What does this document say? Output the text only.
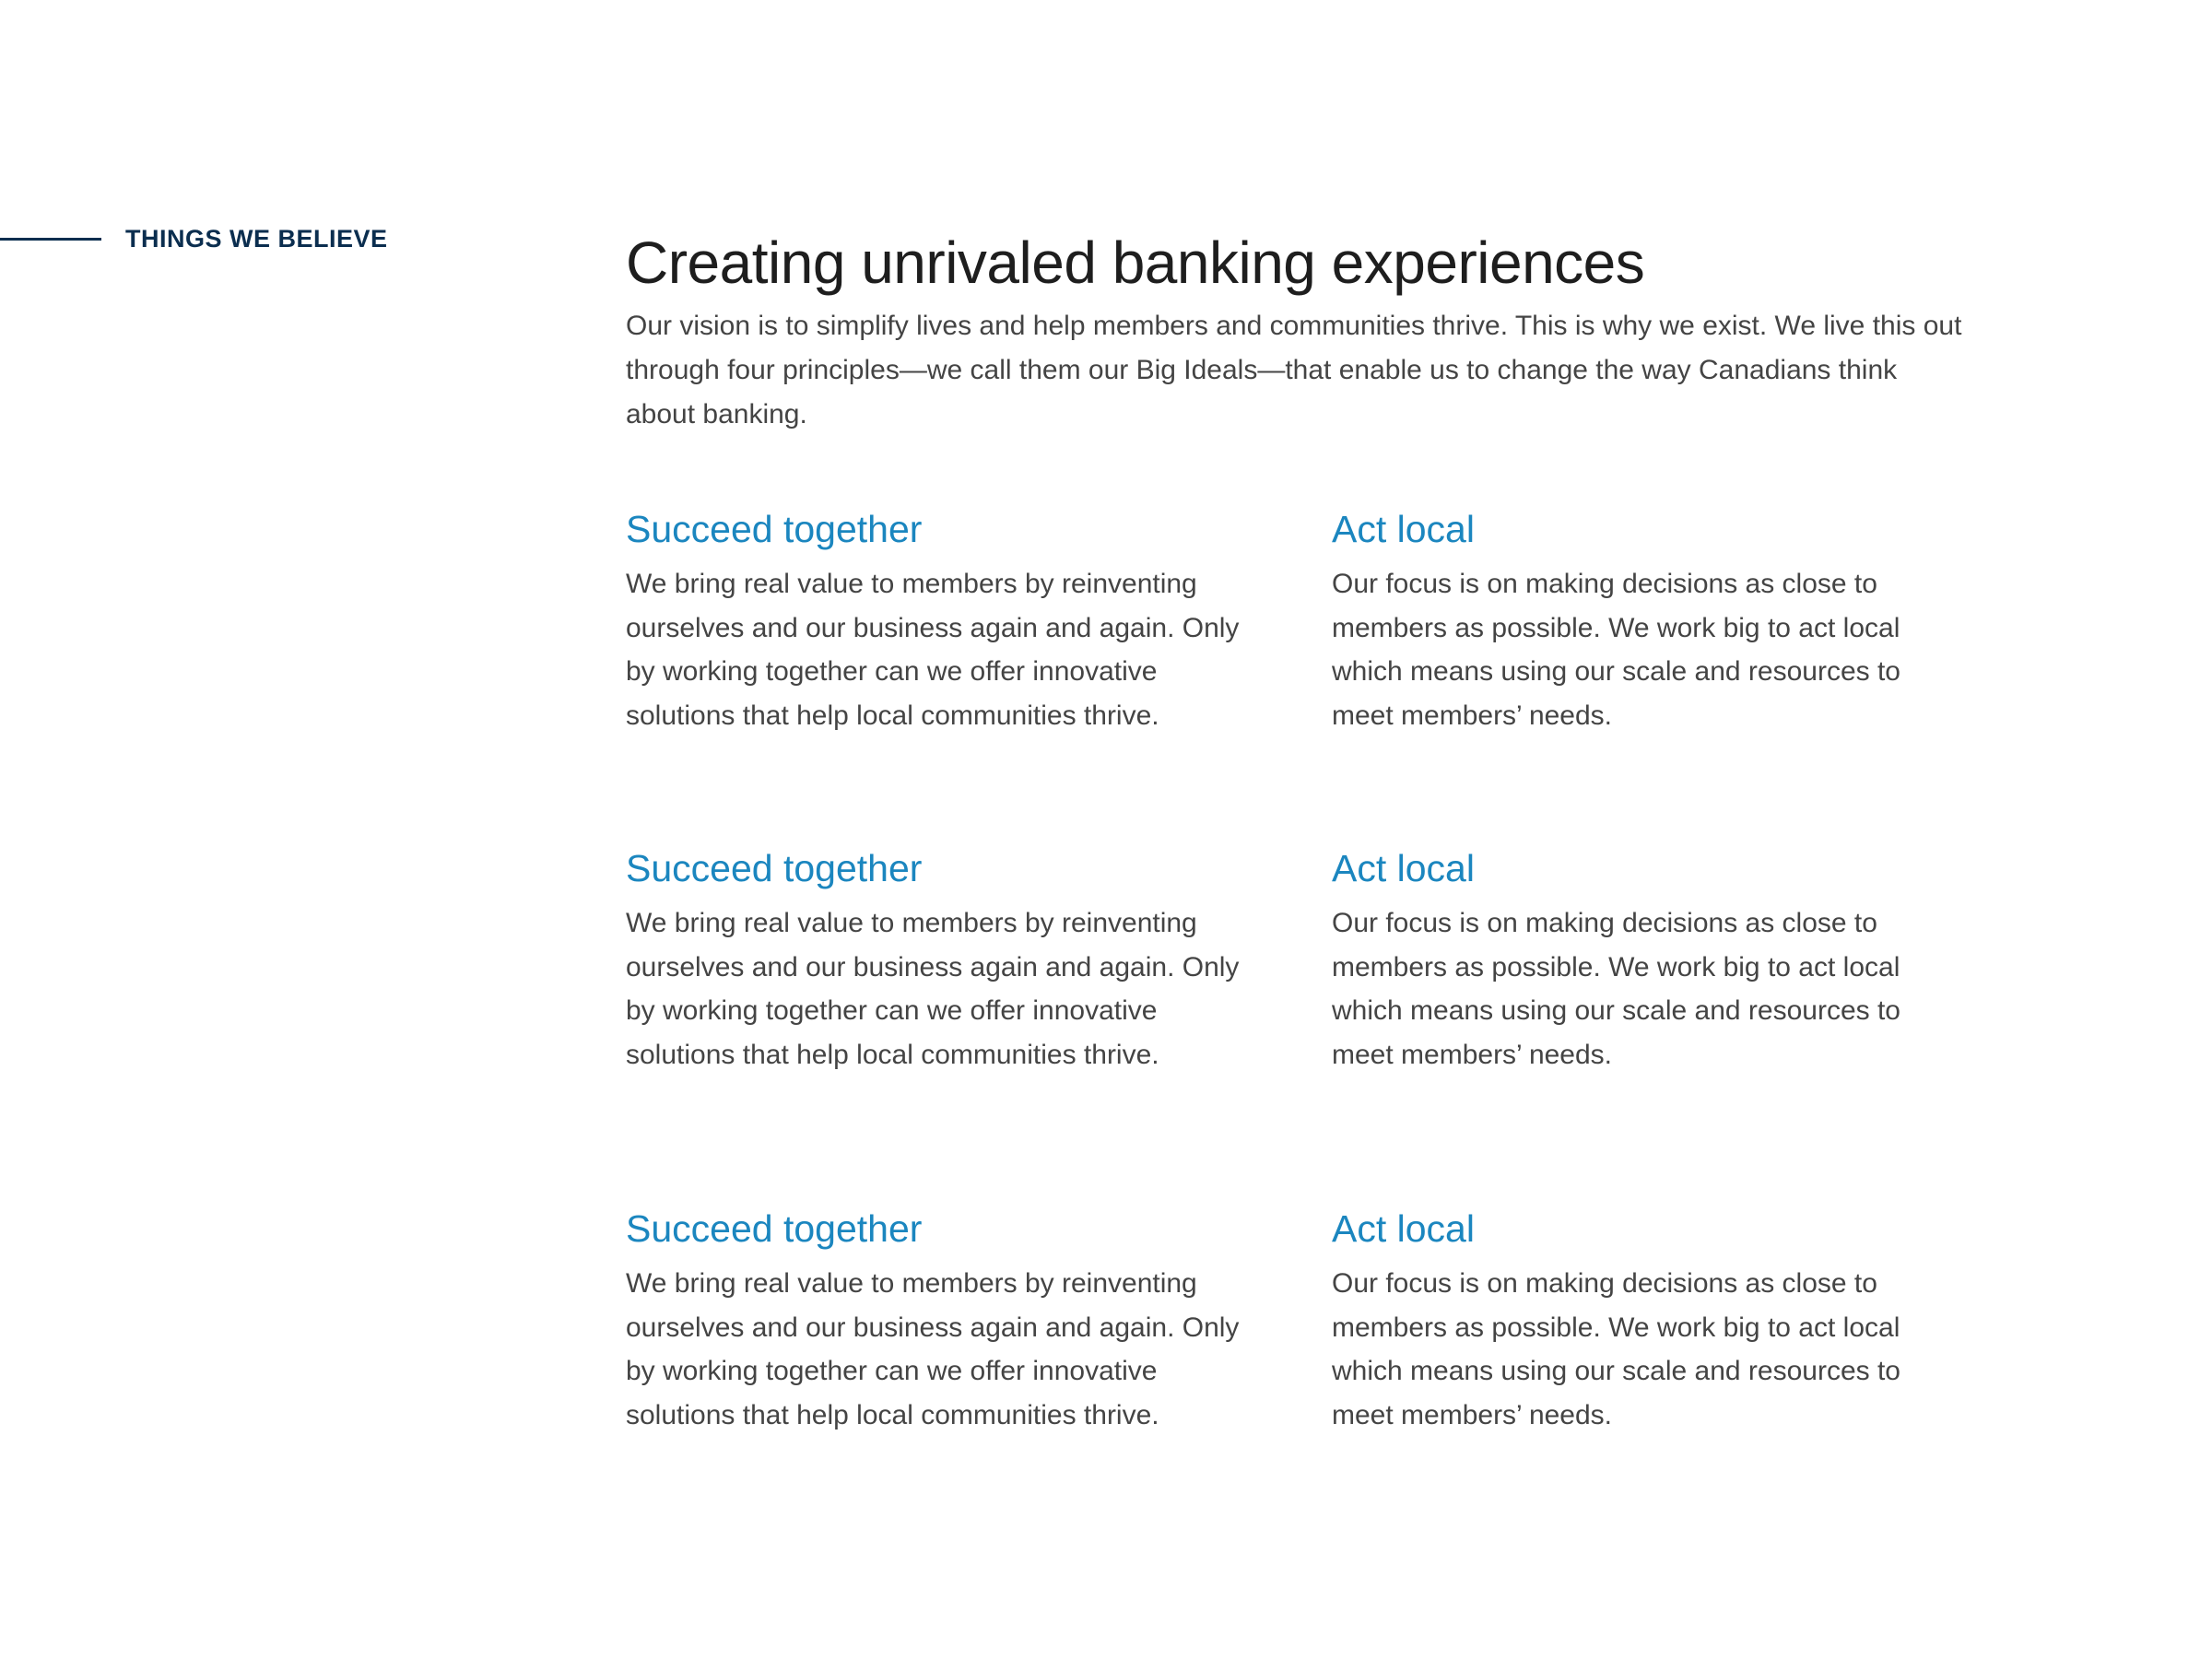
THINGS WE BELIEVE	Creating unrivaled banking experiences

Our vision is to simplify lives and help members and communities thrive. This is why we exist. We live this out through four principles—we call them our Big Ideals—that enable us to change the way Canadians think about banking.

Succeed together

We bring real value to members by reinventing ourselves and our business again and again. Only by working together can we offer innovative solutions that help local communities thrive.

Act local

Our focus is on making decisions as close to members as possible. We work big to act local which means using our scale and resources to meet members’ needs.

Succeed together

We bring real value to members by reinventing ourselves and our business again and again. Only by working together can we offer innovative solutions that help local communities thrive.

Act local

Our focus is on making decisions as close to members as possible. We work big to act local which means using our scale and resources to meet members’ needs.

Succeed together

We bring real value to members by reinventing ourselves and our business again and again. Only by working together can we offer innovative solutions that help local communities thrive.

Act local

Our focus is on making decisions as close to members as possible. We work big to act local which means using our scale and resources to meet members’ needs.
